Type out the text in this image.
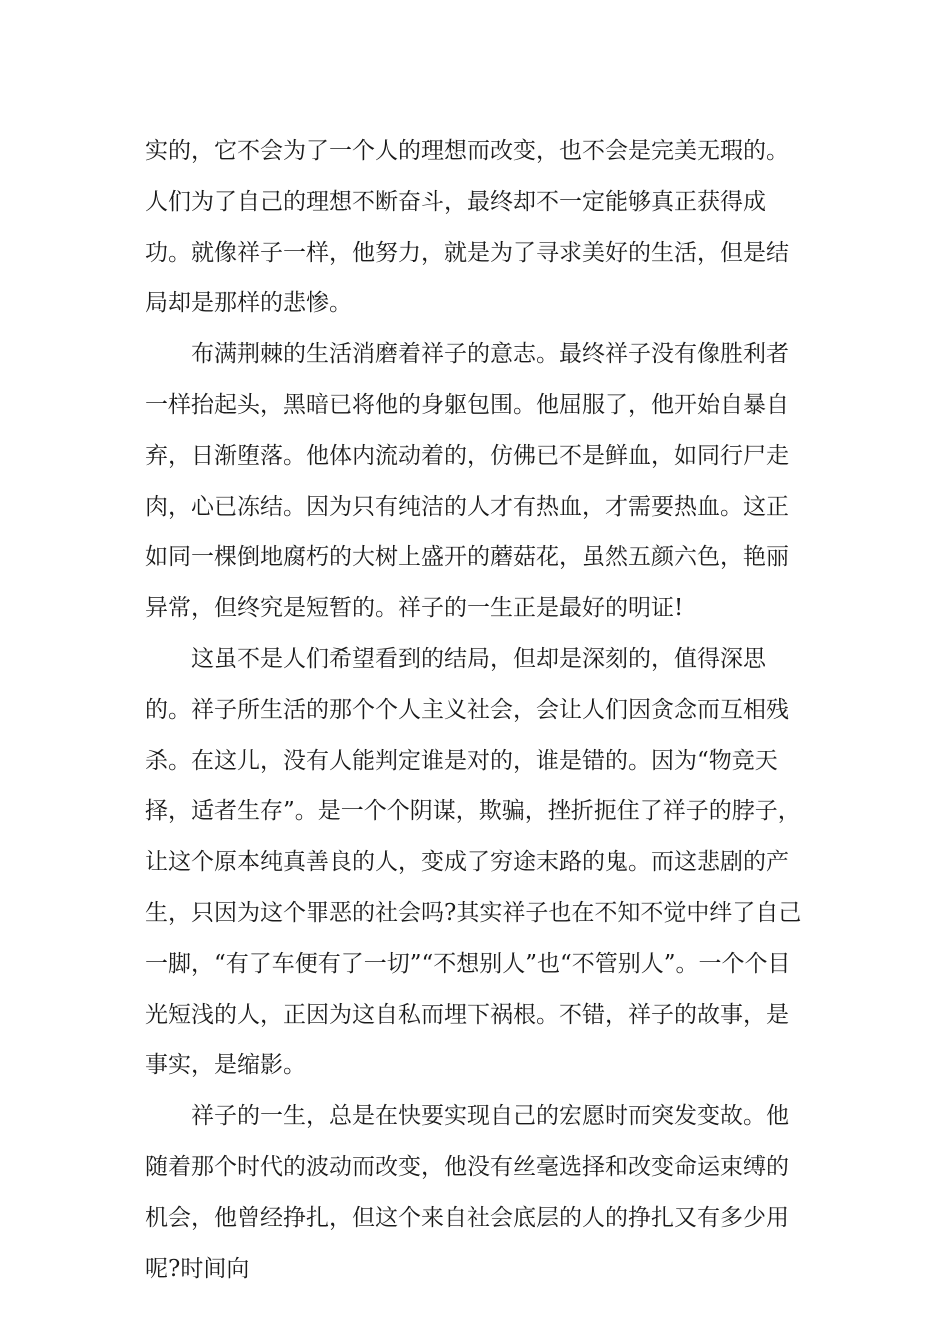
实的，它不会为了一个人的理想而改变，也不会是完美无瑕的。人们为了自己的理想不断奋斗，最终却不一定能够真正获得成功。就像祥子一样，他努力，就是为了寻求美好的生活，但是结局却是那样的悲惨。

布满荆棘的生活消磨着祥子的意志。最终祥子没有像胜利者一样抬起头，黑暗已将他的身躯包围。他屈服了，他开始自暴自弃，日渐堕落。他体内流动着的，仿佛已不是鲜血，如同行尸走肉，心已冻结。因为只有纯洁的人才有热血，才需要热血。这正如同一棵倒地腐朽的大树上盛开的蘑菇花，虽然五颜六色，艳丽异常，但终究是短暂的。祥子的一生正是最好的明证!

这虽不是人们希望看到的结局，但却是深刻的，值得深思的。祥子所生活的那个个人主义社会，会让人们因贪念而互相残杀。在这儿，没有人能判定谁是对的，谁是错的。因为“物竞天择，适者生存”。是一个个阴谋，欺骗，挫折扼住了祥子的脖子，让这个原本纯真善良的人，变成了穷途末路的鬼。而这悲剧的产生，只因为这个罪恶的社会吗?其实祥子也在不知不觉中绊了自己一脚，“有了车便有了一切”“不想别人”也“不管别人”。一个个目光短浅的人，正因为这自私而埋下祸根。不错，祥子的故事，是事实，是缩影。

祥子的一生，总是在快要实现自己的宏愿时而突发变故。他随着那个时代的波动而改变，他没有丝毫选择和改变命运束缚的机会，他曾经挣扎，但这个来自社会底层的人的挣扎又有多少用呢?时间向
